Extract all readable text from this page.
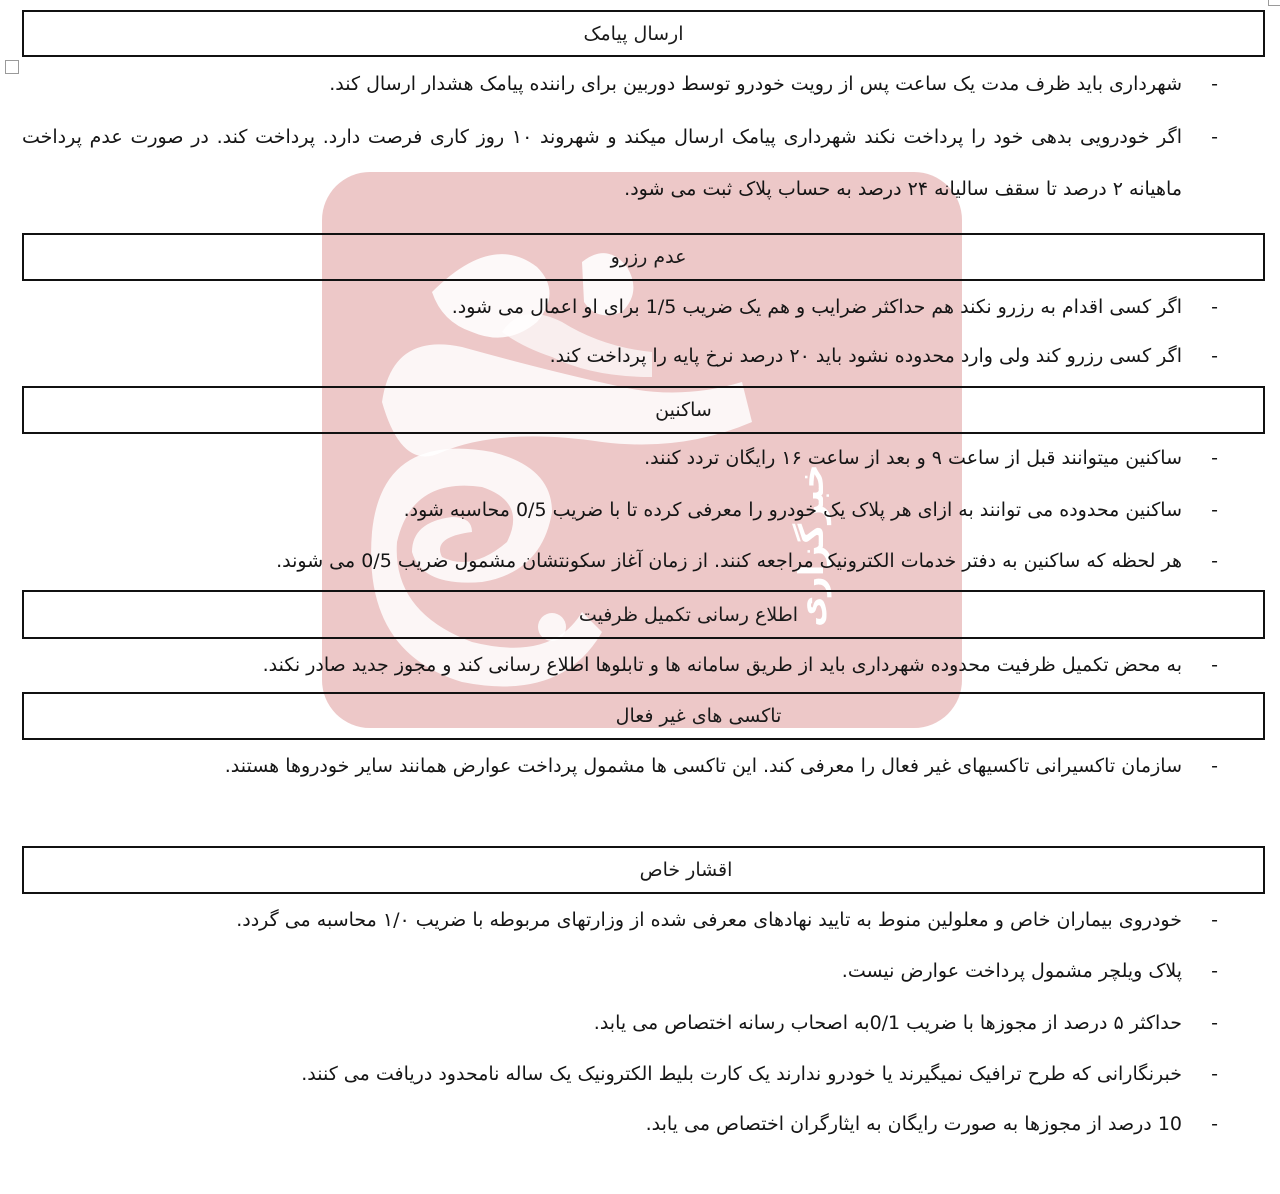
خبرگزاری
ارسال پیامک
-
شهرداری باید ظرف مدت یک ساعت پس از رویت خودرو توسط دوربین برای راننده پیامک هشدار ارسال کند.
-
اگر خودرویی بدهی خود را پرداخت نکند شهرداری پیامک ارسال میکند و شهروند ۱۰ روز کاری فرصت دارد. پرداخت کند. در صورت عدم پرداخت ماهیانه ۲ درصد تا سقف سالیانه ۲۴ درصد به حساب پلاک ثبت می شود.
عدم رزرو
-
اگر کسی اقدام به رزرو نکند هم حداکثر ضرایب و هم یک ضریب 1/5 برای او اعمال می شود.
-
اگر کسی رزرو کند ولی وارد محدوده نشود باید ۲۰ درصد نرخ پایه را پرداخت کند.
ساکنین
-
ساکنین میتوانند قبل از ساعت ۹ و بعد از ساعت ۱۶ رایگان تردد کنند.
-
ساکنین محدوده می توانند به ازای هر پلاک یک خودرو را معرفی کرده تا با ضریب 0/5 محاسبه شود.
-
هر لحظه که ساکنین به دفتر خدمات الکترونیک مراجعه کنند. از زمان آغاز سکونتشان مشمول ضریب 0/5 می شوند.
اطلاع رسانی تکمیل ظرفیت
-
به محض تکمیل ظرفیت محدوده شهرداری باید از طریق سامانه ها و تابلوها اطلاع رسانی کند و مجوز جدید صادر نکند.
تاکسی های غیر فعال
-
سازمان تاکسیرانی تاکسیهای غیر فعال را معرفی کند. این تاکسی ها مشمول پرداخت عوارض همانند سایر خودروها هستند.
اقشار خاص
-
خودروی بیماران خاص و معلولین منوط به تایید نهادهای معرفی شده از وزارتهای مربوطه با ضریب ۱/۰ محاسبه می گردد.
-
پلاک ویلچر مشمول پرداخت عوارض نیست.
-
حداکثر ۵ درصد از مجوزها با ضریب 0/1به اصحاب رسانه اختصاص می یابد.
-
خبرنگارانی که طرح ترافیک نمیگیرند یا خودرو ندارند یک کارت بلیط الکترونیک یک ساله نامحدود دریافت می کنند.
-
10 درصد از مجوزها به صورت رایگان به ایثارگران اختصاص می یابد.
